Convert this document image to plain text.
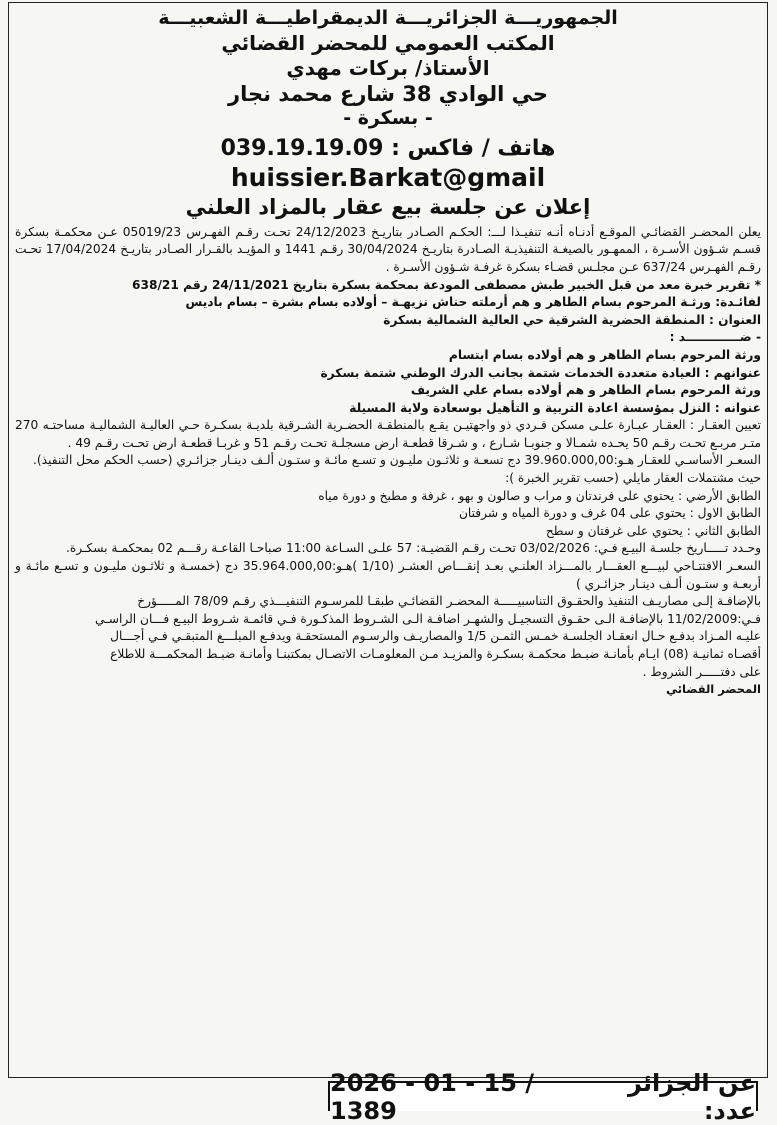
الجمهوريـــة الجزائريـــة الديمقراطيـــة الشعبيـــة

المكتب العمومي للمحضر القضائي

الأستاذ/ بركات مهدي

حي الوادي 38 شارع محمد نجار

- بسكرة -

هاتف / فاكس : 039.19.19.09

huissier.Barkat@gmail

إعلان عن جلسة بيع عقار بالمزاد العلني

يعلن المحضـر القضائـي الموقـع أدنـاه أنـه تنفيـذا لـــ: الحكـم الصـادر بتاريـخ 24/12/2023 تحـت رقـم الفهـرس 05019/23 عـن محكمـة بسكرة قسـم شـؤون الأسـرة ، الممهـور بالصيغـة التنفيذيـة الصـادرة بتاريـخ 30/04/2024 رقـم 1441 و المؤيـد بالقـرار الصـادر بتاريـخ 17/04/2024 تحـت رقـم الفهـرس 637/24 عـن مجلـس قضـاء بسكرة غرفـة شـؤون الأسـرة .

* تقرير خبرة معد من قبل الخبير طبش مصطفى المودعة بمحكمة بسكرة بتاريخ 24/11/2021 رقم 638/21

لفائـدة: ورثـة المرحوم بسام الطاهر و هم أرملته حناش نزيهـة – أولاده بسام بشرة – بسام باديس

العنوان : المنطقة الحضرية الشرقية حي العالية الشمالية بسكرة

- ضـــــــــــــد :

ورثة المرحوم بسام الطاهر و هم أولاده بسام ابتسام

عنوانهم : العيادة متعددة الخدمات شتمة بجانب الدرك الوطني شتمة بسكرة

ورثة المرحوم بسام الطاهر و هم أولاده بسام علي الشريف

عنوانه : النزل بمؤسسة اعادة التربية و التأهيل بوسعادة ولاية المسيلة

تعيين العقـار : العقـار عبـارة علـى مسكن فـردي ذو واجهتيـن يقـع بالمنطقـة الحضـرية الشـرقية بلديـة بسكـرة حـي العاليـة الشماليـة مساحتـه 270 متـر مربـع تحـت رقـم 50 يحـده شمـالا و جنوبـا شـارع ، و شـرقا قطعـة ارض مسجلـة تحـت رقـم 51 و غربـا قطعـة ارض تحـت رقـم 49 .

السعـر الأساسـي للعقـار هـو:39.960.000,00 دج تسعـة و ثلاثـون مليـون و تسـع مائـة و ستـون ألـف دينـار جزائـري (حسب الحكم محل التنفيذ).

حيث مشتملات العقار مايلي (حسب تقرير الخبرة ):

الطابق الأرضي : يحتوي على فرندتان و مراب و صالون و بهو ، غرفة و مطبخ و دورة مياه

الطابق الاول : يحتوي على 04 غرف و دورة المياه و شرفتان

الطابق الثاني : يحتوي على غرفتان و سطح

وحـدد تـــــاريخ جلسـة البيـع فـي: 03/02/2026 تحـت رقـم القضيـة: 57 علـى السـاعة 11:00 صباحـا القاعـة رقـــم 02 بمحكمـة بسكـرة.

السعـر الافتتـاحي لبيـــع العقـــار بالمـــزاد العلنـي بعـد إنقـــاص العشـر (1/10 )هـو:35.964.000,00 دج (خمسـة و ثلاثـون مليـون و تسـع مائـة و أربعـة و ستـون ألـف دينـار جزائـري )

بالإضافـة إلـى مصاريـف التنفيذ والحقـوق التناسبيـــــة المحضـر القضائـي طبقـا للمرسـوم التنفيـــذي رقـم 78/09 المـــــؤرخ

فـي:11/02/2009 بالإضافـة الـى حقـوق التسجيـل والشهـر اضافـة الـى الشـروط المذكـورة فـي قائمـة شـروط البيـع فـــان الراسـي

عليـه المـزاد بدفـع حـال انعقـاد الجلسـة خمـس الثمـن 1/5 والمصاريـف والرسـوم المستحقـة ويدفـع المبلـــغ المتبقـي فـي أجـــال

أقصـاه ثمانيـة (08) ايـام بأمانـة ضبـط محكمـة بسكـرة والمزيـد مـن المعلومـات الاتصـال بمكتبنـا وأمانـة ضبـط المحكمـــة للاطلاع

على دفتـــــر الشروط .

المحضر القضائي

عن الجزائر عدد:
2026 - 01 - 15 / 1389
